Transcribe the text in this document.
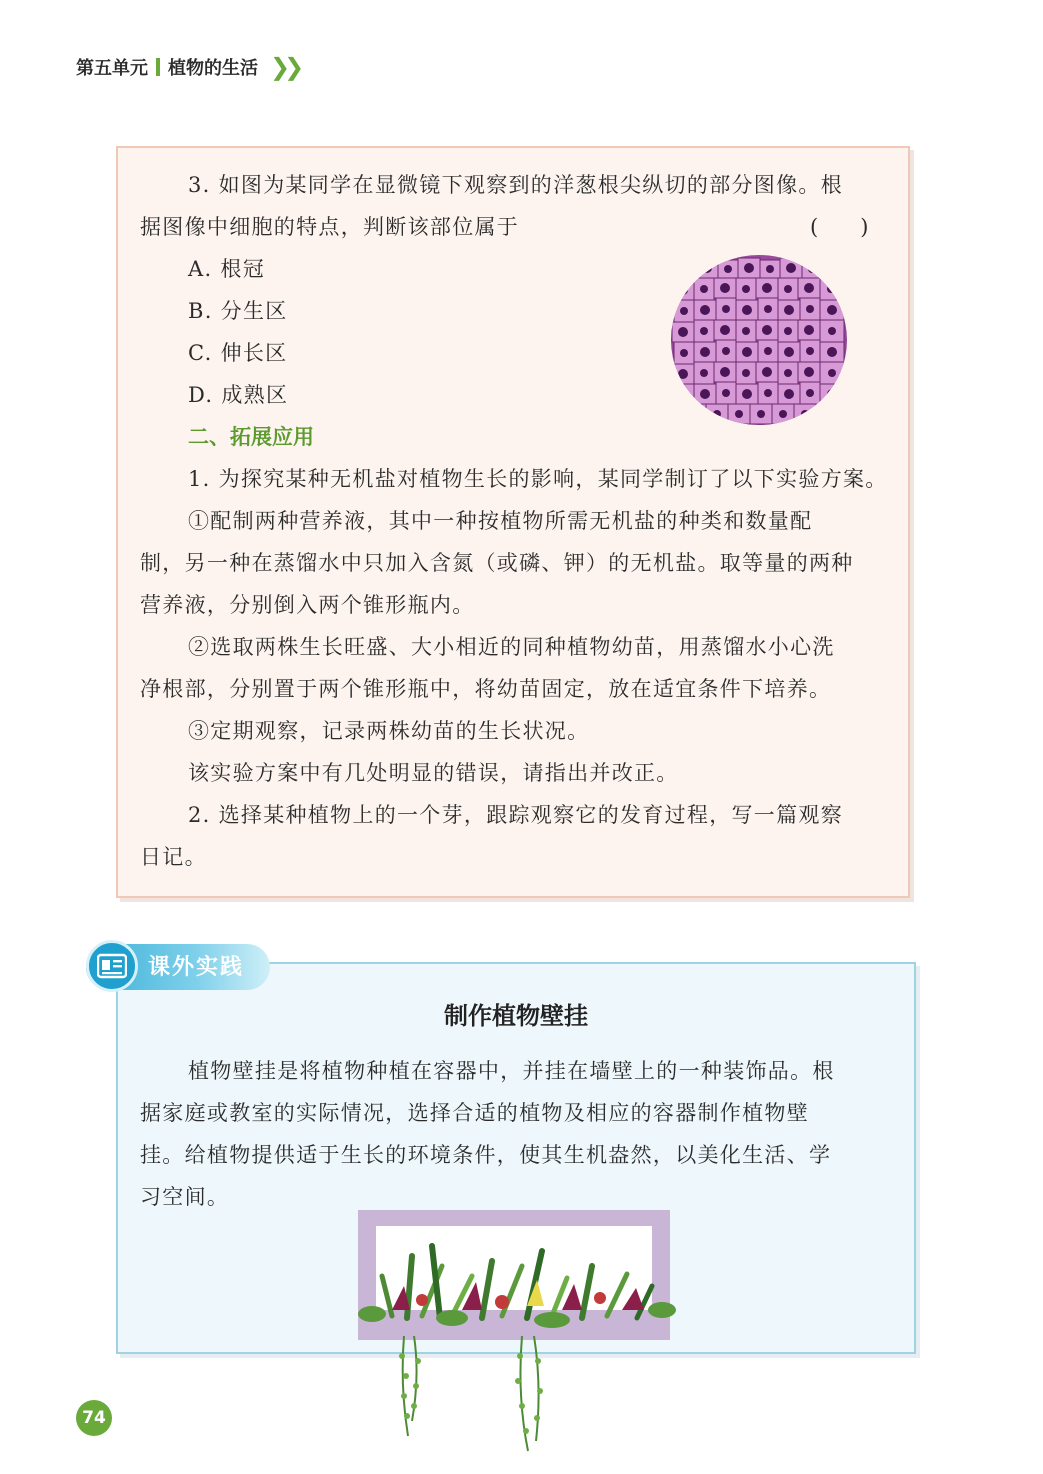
第五单元 植物的生活 ❯❯
3. 如图为某同学在显微镜下观察到的洋葱根尖纵切的部分图像。根
据图像中细胞的特点，判断该部位属于	(　　)
A. 根冠
B. 分生区
C. 伸长区
D. 成熟区
二、拓展应用
1. 为探究某种无机盐对植物生长的影响，某同学制订了以下实验方案。
①配制两种营养液，其中一种按植物所需无机盐的种类和数量配
制，另一种在蒸馏水中只加入含氮（或磷、钾）的无机盐。取等量的两种
营养液，分别倒入两个锥形瓶内。
②选取两株生长旺盛、大小相近的同种植物幼苗，用蒸馏水小心洗
净根部，分别置于两个锥形瓶中，将幼苗固定，放在适宜条件下培养。
③定期观察，记录两株幼苗的生长状况。
该实验方案中有几处明显的错误，请指出并改正。
2. 选择某种植物上的一个芽，跟踪观察它的发育过程，写一篇观察
日记。
制作植物壁挂
植物壁挂是将植物种植在容器中，并挂在墙壁上的一种装饰品。根
据家庭或教室的实际情况，选择合适的植物及相应的容器制作植物壁
挂。给植物提供适于生长的环境条件，使其生机盎然，以美化生活、学
习空间。
课外实践
74
